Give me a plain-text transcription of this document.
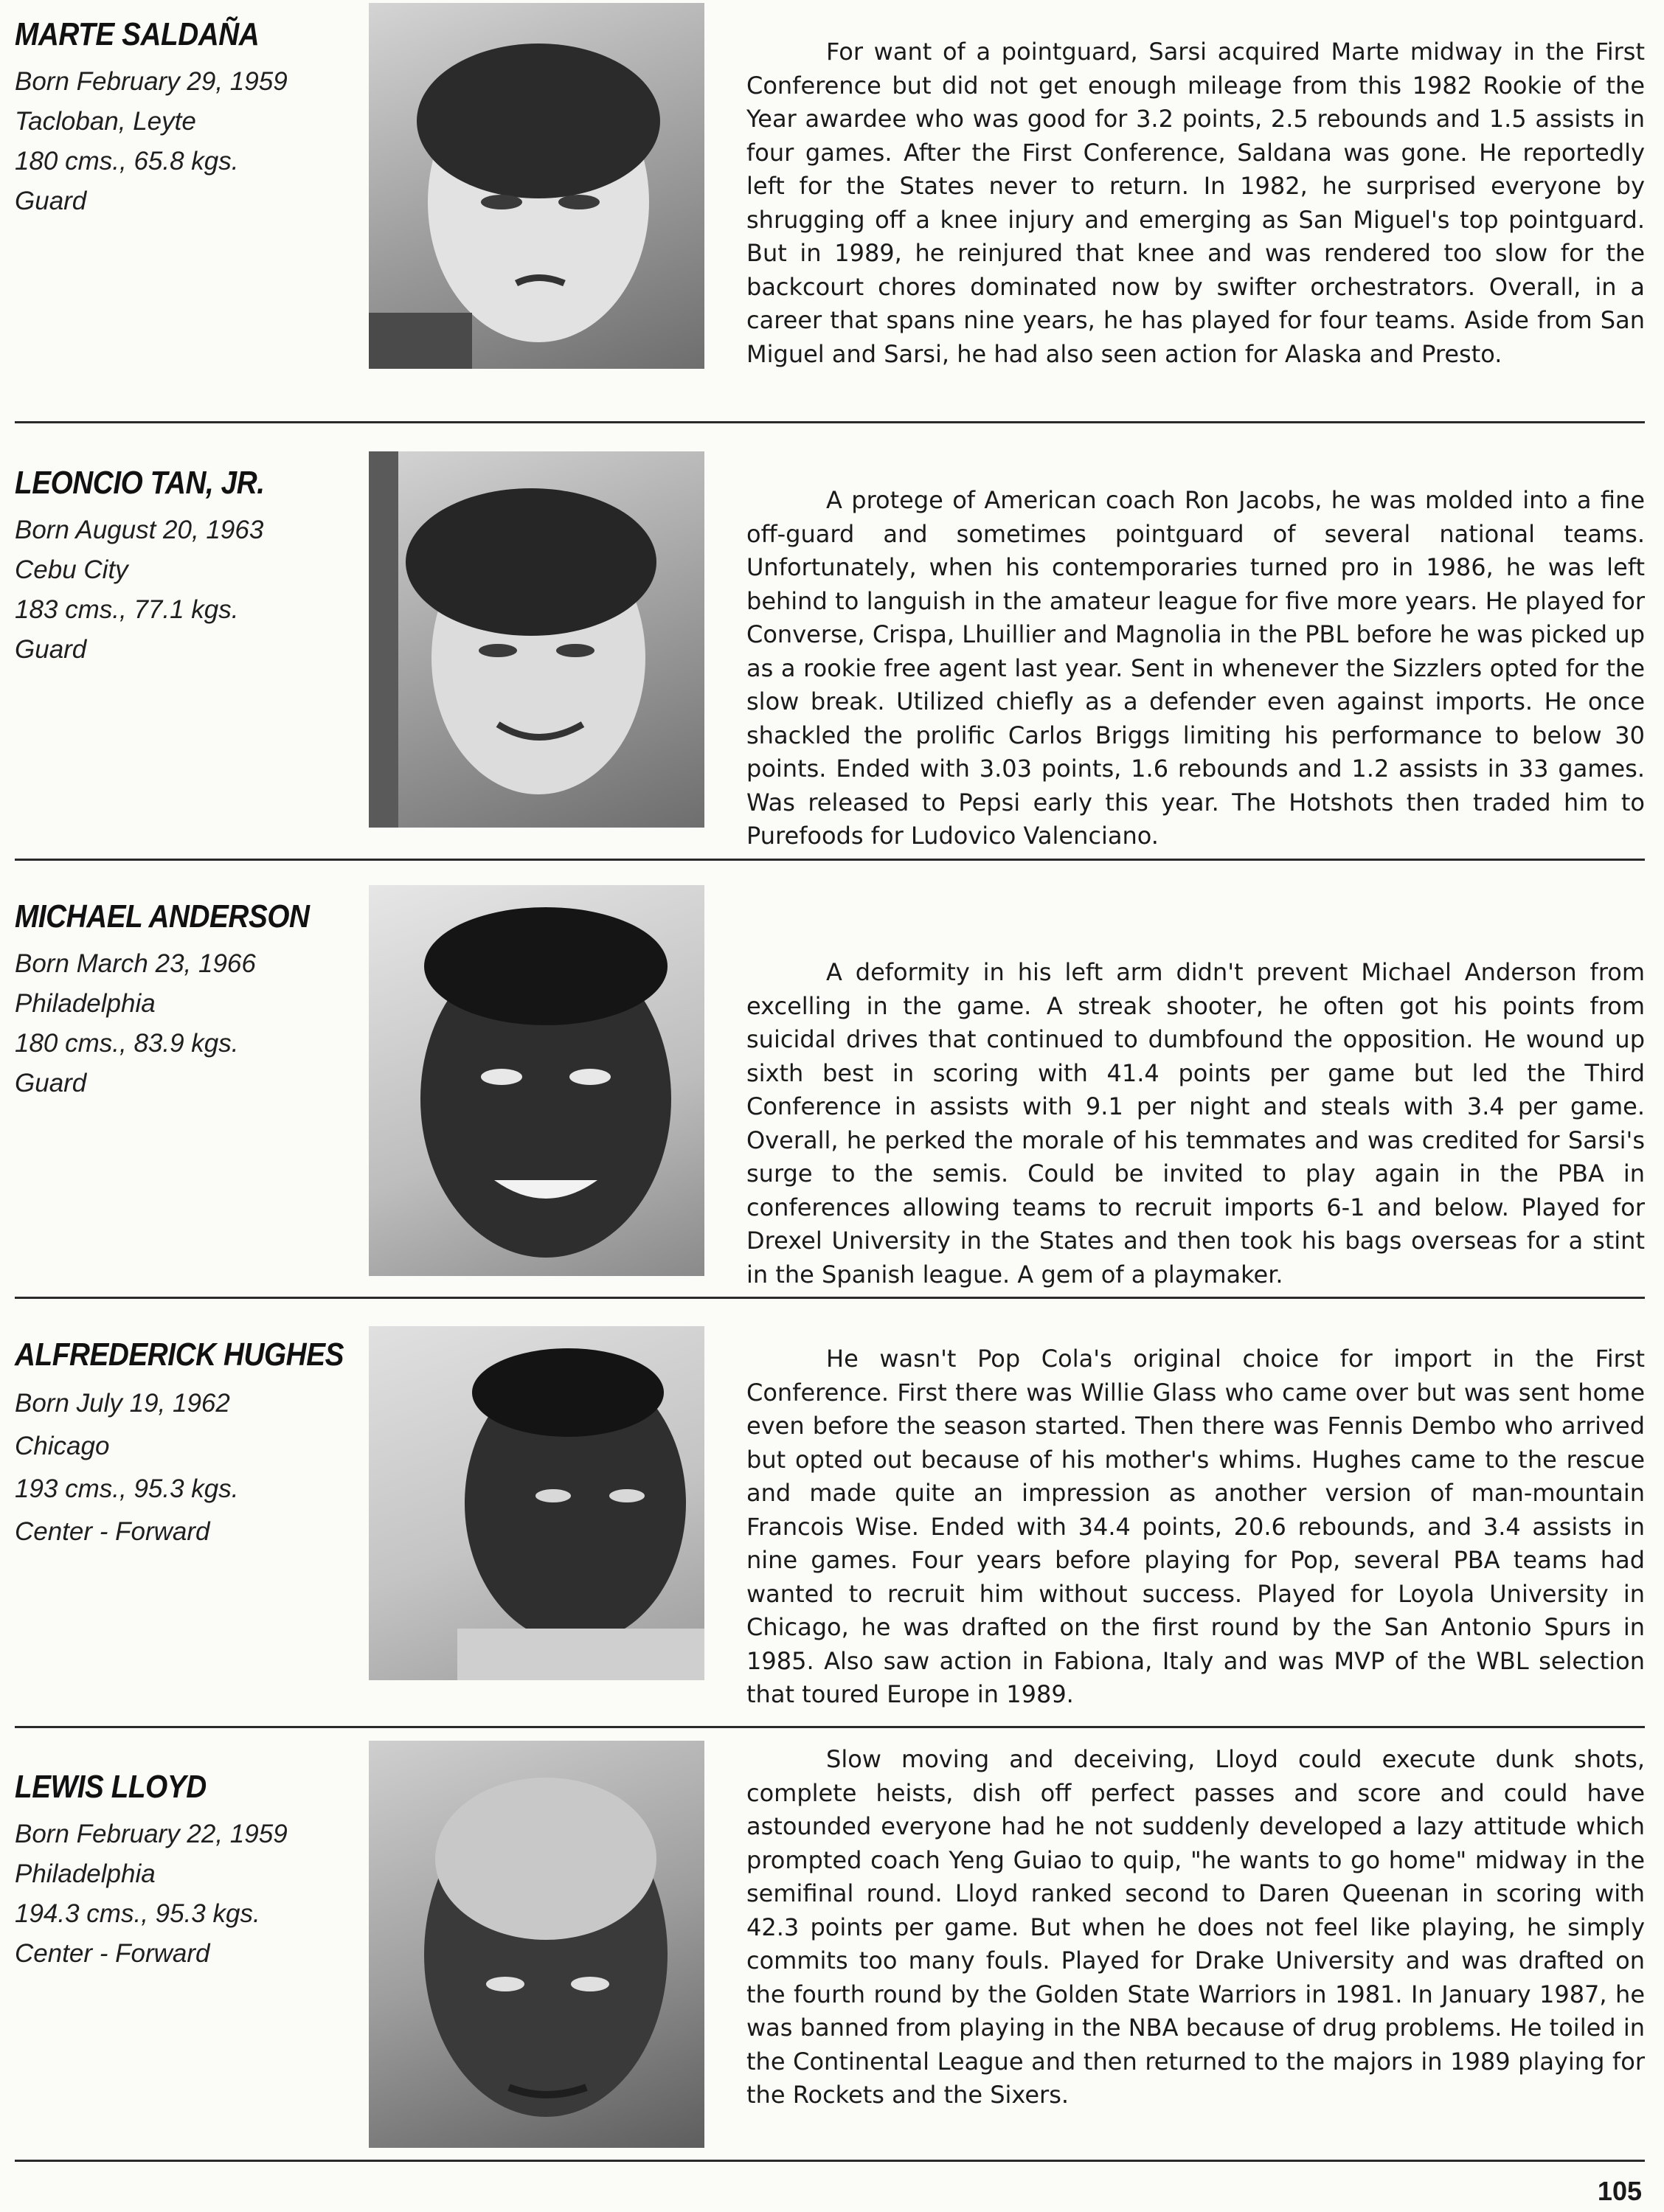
MARTE SALDAÑA
Born February 29, 1959
Tacloban, Leyte
180 cms., 65.8 kgs.
Guard

For want of a pointguard, Sarsi acquired Marte midway in the First Conference but did not get enough mileage from this 1982 Rookie of the Year awardee who was good for 3.2 points, 2.5 rebounds and 1.5 assists in four games. After the First Conference, Saldana was gone. He reportedly left for the States never to return. In 1982, he surprised everyone by shrugging off a knee injury and emerging as San Miguel's top pointguard. But in 1989, he reinjured that knee and was rendered too slow for the backcourt chores dominated now by swifter orchestrators. Overall, in a career that spans nine years, he has played for four teams. Aside from San Miguel and Sarsi, he had also seen action for Alaska and Presto.

LEONCIO TAN, JR.
Born August 20, 1963
Cebu City
183 cms., 77.1 kgs.
Guard

A protege of American coach Ron Jacobs, he was molded into a fine off-guard and sometimes pointguard of several national teams. Unfortunately, when his contemporaries turned pro in 1986, he was left behind to languish in the amateur league for five more years. He played for Converse, Crispa, Lhuillier and Magnolia in the PBL before he was picked up as a rookie free agent last year. Sent in whenever the Sizzlers opted for the slow break. Utilized chiefly as a defender even against imports. He once shackled the prolific Carlos Briggs limiting his performance to below 30 points. Ended with 3.03 points, 1.6 rebounds and 1.2 assists in 33 games. Was released to Pepsi early this year. The Hotshots then traded him to Purefoods for Ludovico Valenciano.

MICHAEL ANDERSON
Born March 23, 1966
Philadelphia
180 cms., 83.9 kgs.
Guard

A deformity in his left arm didn't prevent Michael Anderson from excelling in the game. A streak shooter, he often got his points from suicidal drives that continued to dumbfound the opposition. He wound up sixth best in scoring with 41.4 points per game but led the Third Conference in assists with 9.1 per night and steals with 3.4 per game. Overall, he perked the morale of his temmates and was credited for Sarsi's surge to the semis. Could be invited to play again in the PBA in conferences allowing teams to recruit imports 6-1 and below. Played for Drexel University in the States and then took his bags overseas for a stint in the Spanish league. A gem of a playmaker.

ALFREDERICK HUGHES
Born July 19, 1962
Chicago
193 cms., 95.3 kgs.
Center - Forward

He wasn't Pop Cola's original choice for import in the First Conference. First there was Willie Glass who came over but was sent home even before the season started. Then there was Fennis Dembo who arrived but opted out because of his mother's whims. Hughes came to the rescue and made quite an impression as another version of man-mountain Francois Wise. Ended with 34.4 points, 20.6 rebounds, and 3.4 assists in nine games. Four years before playing for Pop, several PBA teams had wanted to recruit him without success. Played for Loyola University in Chicago, he was drafted on the first round by the San Antonio Spurs in 1985. Also saw action in Fabiona, Italy and was MVP of the WBL selection that toured Europe in 1989.

LEWIS LLOYD
Born February 22, 1959
Philadelphia
194.3 cms., 95.3 kgs.
Center - Forward

Slow moving and deceiving, Lloyd could execute dunk shots, complete heists, dish off perfect passes and score and could have astounded everyone had he not suddenly developed a lazy attitude which prompted coach Yeng Guiao to quip, "he wants to go home" midway in the semifinal round. Lloyd ranked second to Daren Queenan in scoring with 42.3 points per game. But when he does not feel like playing, he simply commits too many fouls. Played for Drake University and was drafted on the fourth round by the Golden State Warriors in 1981. In January 1987, he was banned from playing in the NBA because of drug problems. He toiled in the Continental League and then returned to the majors in 1989 playing for the Rockets and the Sixers.

105
